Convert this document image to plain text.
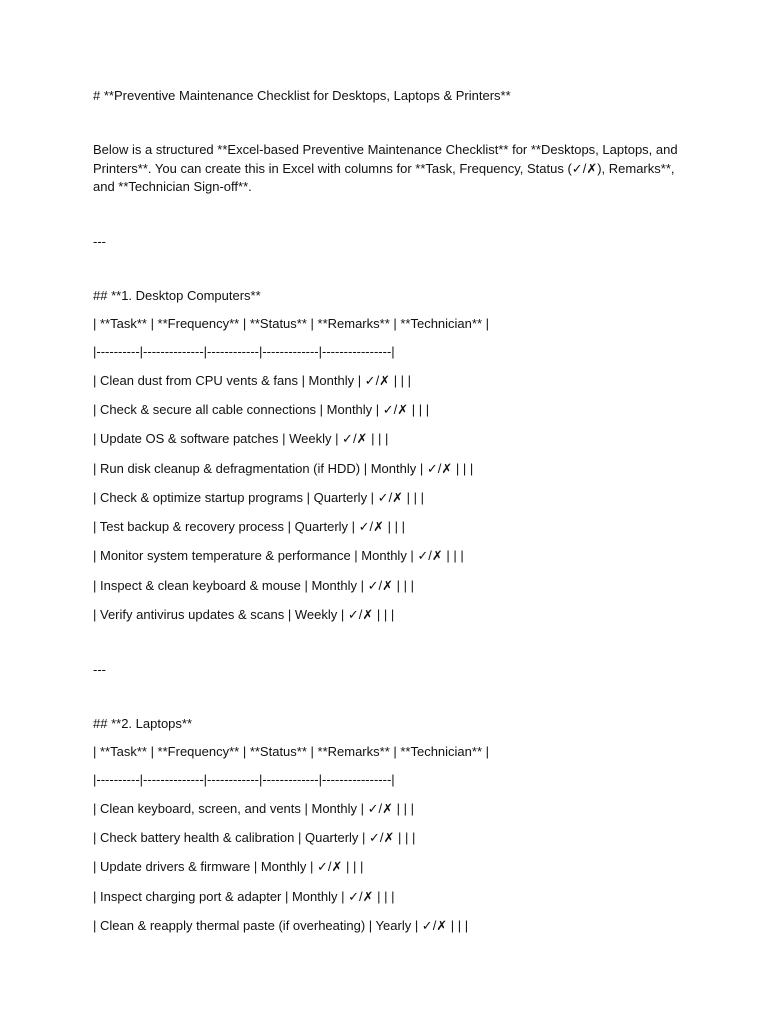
# **Preventive Maintenance Checklist for Desktops, Laptops & Printers**
Below is a structured **Excel-based Preventive Maintenance Checklist** for **Desktops, Laptops, and Printers**. You can create this in Excel with columns for **Task, Frequency, Status (✓/✗), Remarks**, and **Technician Sign-off**.
---
## **1. Desktop Computers**
| **Task** | **Frequency** | **Status** | **Remarks** | **Technician** |
|----------|--------------|------------|-------------|----------------|
| Clean dust from CPU vents & fans | Monthly | ✓/✗ | | |
| Check & secure all cable connections | Monthly | ✓/✗ | | |
| Update OS & software patches | Weekly | ✓/✗ | | |
| Run disk cleanup & defragmentation (if HDD) | Monthly | ✓/✗ | | |
| Check & optimize startup programs | Quarterly | ✓/✗ | | |
| Test backup & recovery process | Quarterly | ✓/✗ | | |
| Monitor system temperature & performance | Monthly | ✓/✗ | | |
| Inspect & clean keyboard & mouse | Monthly | ✓/✗ | | |
| Verify antivirus updates & scans | Weekly | ✓/✗ | | |
---
## **2. Laptops**
| **Task** | **Frequency** | **Status** | **Remarks** | **Technician** |
|----------|--------------|------------|-------------|----------------|
| Clean keyboard, screen, and vents | Monthly | ✓/✗ | | |
| Check battery health & calibration | Quarterly | ✓/✗ | | |
| Update drivers & firmware | Monthly | ✓/✗ | | |
| Inspect charging port & adapter | Monthly | ✓/✗ | | |
| Clean & reapply thermal paste (if overheating) | Yearly | ✓/✗ | | |
